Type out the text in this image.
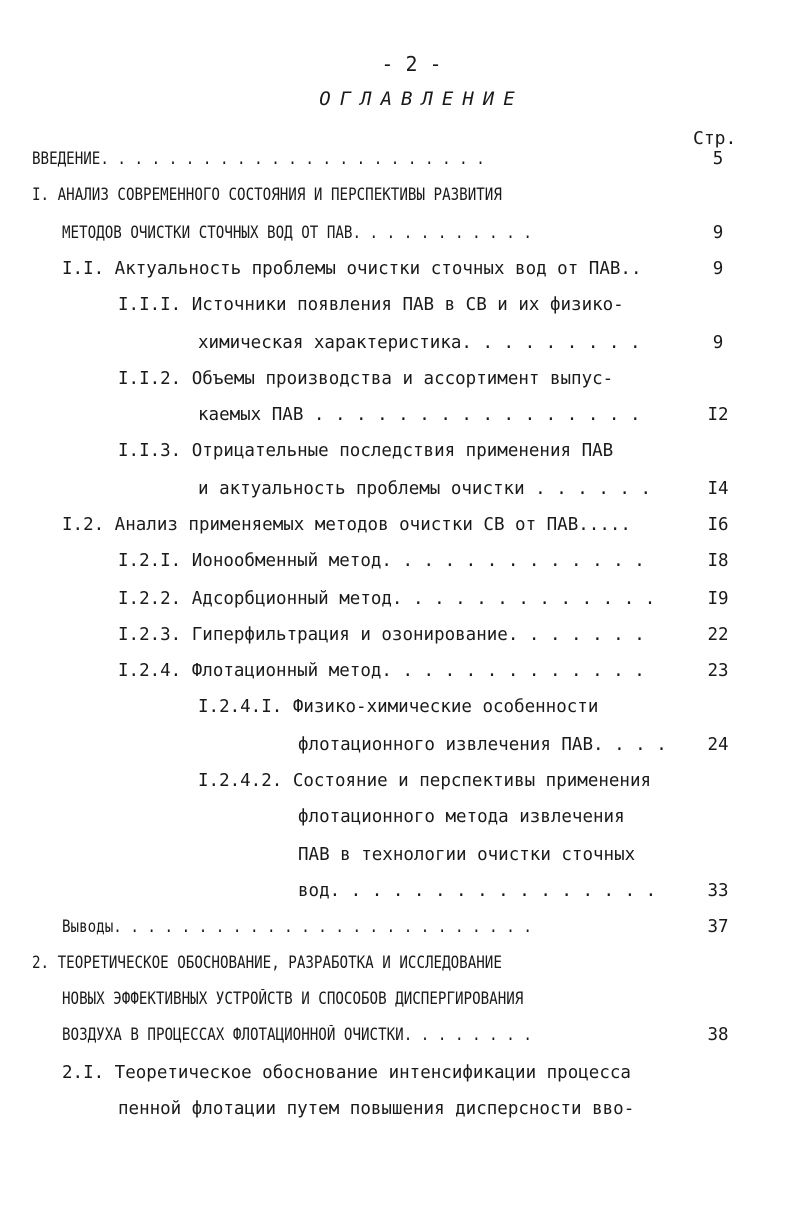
- 2 -
ОГЛАВЛЕНИЕ
Стр.
ВВЕДЕНИЕ. . . . . . . . . . . . . . . . . . . . . . .	5
I. АНАЛИЗ СОВРЕМЕННОГО СОСТОЯНИЯ И ПЕРСПЕКТИВЫ РАЗВИТИЯ
МЕТОДОВ ОЧИСТКИ СТОЧНЫХ ВОД ОТ ПАВ. . . . . . . . . . .	9
I.I. Актуальность проблемы очистки сточных вод от ПАВ..	9
I.I.I. Источники появления ПАВ в СВ и их физико-
химическая характеристика. . . . . . . . .	9
I.I.2. Объемы производства и ассортимент выпус-
каемых ПАВ . . . . . . . . . . . . . . . .	I2
I.I.3. Отрицательные последствия применения ПАВ
и актуальность проблемы очистки . . . . . .	I4
I.2. Анализ применяемых методов очистки СВ от ПАВ.....	I6
I.2.I. Ионообменный метод. . . . . . . . . . . . .	I8
I.2.2. Адсорбционный метод. . . . . . . . . . . . .	I9
I.2.3. Гиперфильтрация и озонирование. . . . . . .	22
I.2.4. Флотационный метод. . . . . . . . . . . . .	23
I.2.4.I. Физико-химические особенности
флотационного извлечения ПАВ. . . .	24
I.2.4.2. Состояние и перспективы применения
флотационного метода извлечения
ПАВ в технологии очистки сточных
вод. . . . . . . . . . . . . . . .	33
Выводы. . . . . . . . . . . . . . . . . . . . . . . . .	37
2. ТЕОРЕТИЧЕСКОЕ ОБОСНОВАНИЕ, РАЗРАБОТКА И ИССЛЕДОВАНИЕ
НОВЫХ ЭФФЕКТИВНЫХ УСТРОЙСТВ И СПОСОБОВ ДИСПЕРГИРОВАНИЯ
ВОЗДУХА В ПРОЦЕССАХ ФЛОТАЦИОННОЙ ОЧИСТКИ. . . . . . . .	38
2.I. Теоретическое обоснование интенсификации процесса
пенной флотации путем повышения дисперсности вво-
